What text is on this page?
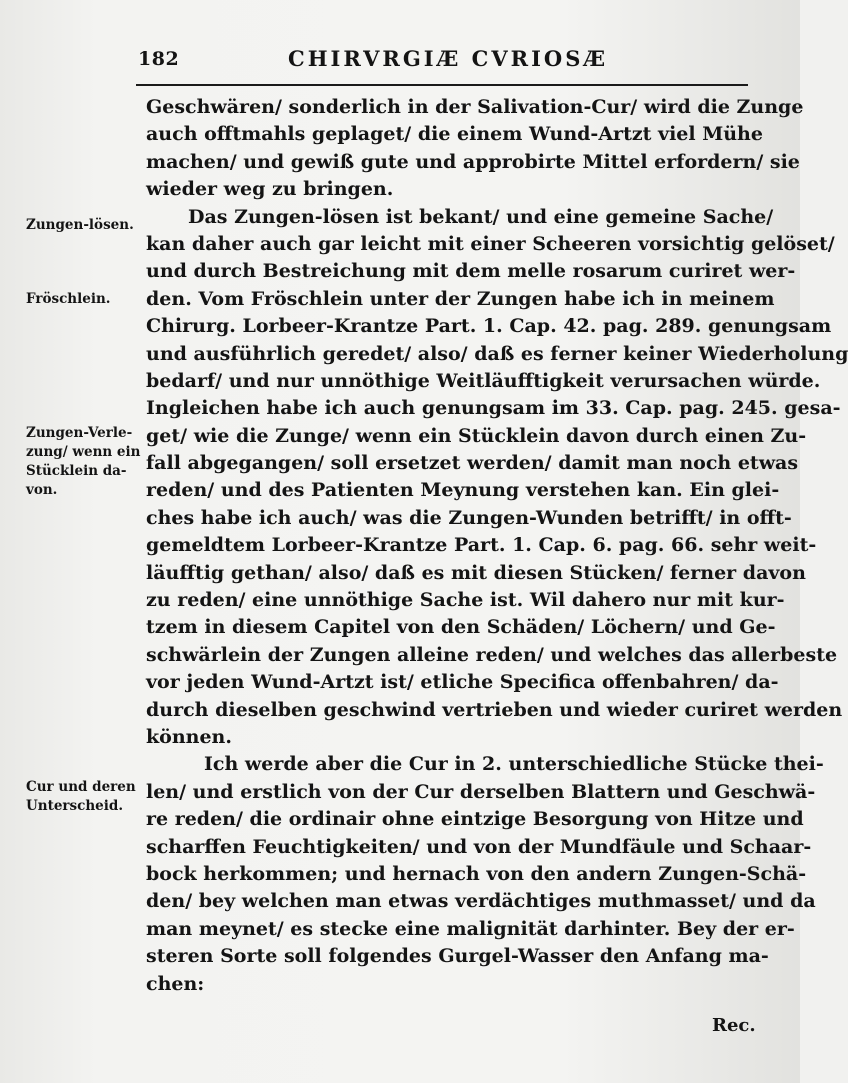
182	CHIRVRGIÆ CVRIOSÆ
Zungen-lösen.
Fröschlein.
Zungen-Verle- zung/ wenn ein Stücklein da- von.
Cur und deren Unterscheid.
Geschwären/ sonderlich in der Salivation-Cur/ wird die Zunge
auch offtmahls geplaget/ die einem Wund-Artzt viel Mühe
machen/ und gewiß gute und approbirte Mittel erfordern/ sie
wieder weg zu bringen.
Das Zungen-lösen ist bekant/ und eine gemeine Sache/
kan daher auch gar leicht mit einer Scheeren vorsichtig gelöset/
und durch Bestreichung mit dem melle rosarum curiret wer-
den. Vom Fröschlein unter der Zungen habe ich in meinem
Chirurg. Lorbeer-Krantze Part. 1. Cap. 42. pag. 289. genungsam
und ausführlich geredet/ also/ daß es ferner keiner Wiederholung
bedarf/ und nur unnöthige Weitläufftigkeit verursachen würde.
Ingleichen habe ich auch genungsam im 33. Cap. pag. 245. gesa-
get/ wie die Zunge/ wenn ein Stücklein davon durch einen Zu-
fall abgegangen/ soll ersetzet werden/ damit man noch etwas
reden/ und des Patienten Meynung verstehen kan. Ein glei-
ches habe ich auch/ was die Zungen-Wunden betrifft/ in offt-
gemeldtem Lorbeer-Krantze Part. 1. Cap. 6. pag. 66. sehr weit-
läufftig gethan/ also/ daß es mit diesen Stücken/ ferner davon
zu reden/ eine unnöthige Sache ist. Wil dahero nur mit kur-
tzem in diesem Capitel von den Schäden/ Löchern/ und Ge-
schwärlein der Zungen alleine reden/ und welches das allerbeste
vor jeden Wund-Artzt ist/ etliche Specifica offenbahren/ da-
durch dieselben geschwind vertrieben und wieder curiret werden
können.
Ich werde aber die Cur in 2. unterschiedliche Stücke thei-
len/ und erstlich von der Cur derselben Blattern und Geschwä-
re reden/ die ordinair ohne eintzige Besorgung von Hitze und
scharffen Feuchtigkeiten/ und von der Mundfäule und Schaar-
bock herkommen; und hernach von den andern Zungen-Schä-
den/ bey welchen man etwas verdächtiges muthmasset/ und da
man meynet/ es stecke eine malignität darhinter. Bey der er-
steren Sorte soll folgendes Gurgel-Wasser den Anfang ma-
chen:
Rec.
